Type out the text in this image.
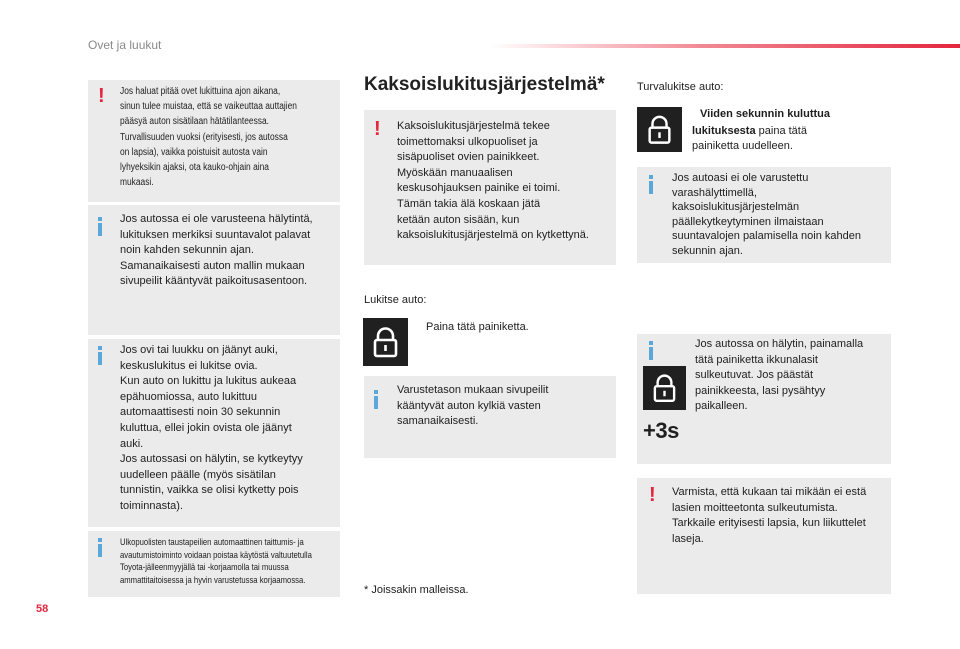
Ovet ja luukut
! Jos haluat pitää ovet lukittuina ajon aikana,
sinun tulee muistaa, että se vaikeuttaa auttajien
pääsyä auton sisätilaan hätätilanteessa.
Turvallisuuden vuoksi (erityisesti, jos autossa
on lapsia), vaikka poistuisit autosta vain
lyhyeksikin ajaksi, ota kauko-ohjain aina
mukaasi.
Jos autossa ei ole varusteena hälytintä,
lukituksen merkiksi suuntavalot palavat
noin kahden sekunnin ajan.
Samanaikaisesti auton mallin mukaan
sivupeilit kääntyvät paikoitusasentoon.
Jos ovi tai luukku on jäänyt auki,
keskuslukitus ei lukitse ovia.
Kun auto on lukittu ja lukitus aukeaa
epähuomiossa, auto lukittuu
automaattisesti noin 30 sekunnin
kuluttua, ellei jokin ovista ole jäänyt
auki.
Jos autossasi on hälytin, se kytkeytyy
uudelleen päälle (myös sisätilan
tunnistin, vaikka se olisi kytketty pois
toiminnasta).
Ulkopuolisten taustapeilien automaattinen taittumis- ja
avautumistoiminto voidaan poistaa käytöstä valtuutetulla
Toyota-jälleenmyyjällä tai -korjaamolla tai muussa
ammattitaitoisessa ja hyvin varustetussa korjaamossa.
Kaksoislukitusjärjestelmä*
! Kaksoislukitusjärjestelmä tekee
toimettomaksi ulkopuoliset ja
sisäpuoliset ovien painikkeet.
Myöskään manuaalisen
keskusohjauksen painike ei toimi.
Tämän takia älä koskaan jätä
ketään auton sisään, kun
kaksoislukitusjärjestelmä on kytkettynä.
Lukitse auto:
Paina tätä painiketta.
Varustetason mukaan sivupeilit
kääntyvät auton kylkiä vasten
samanaikaisesti.
* Joissakin malleissa.
Turvalukitse auto:
Viiden sekunnin kuluttua
lukituksesta paina tätä
painiketta uudelleen.
Jos autoasi ei ole varustettu
varashälyttimellä,
kaksoislukitusjärjestelmän
päällekytkeytyminen ilmaistaan
suuntavalojen palamisella noin kahden
sekunnin ajan.
+3s
Jos autossa on hälytin, painamalla
tätä painiketta ikkunalasit
sulkeutuvat. Jos päästät
painikkeesta, lasi pysähtyy
paikalleen.
! Varmista, että kukaan tai mikään ei estä
lasien moitteetonta sulkeutumista.
Tarkkaile erityisesti lapsia, kun liikuttelet
laseja.
58
